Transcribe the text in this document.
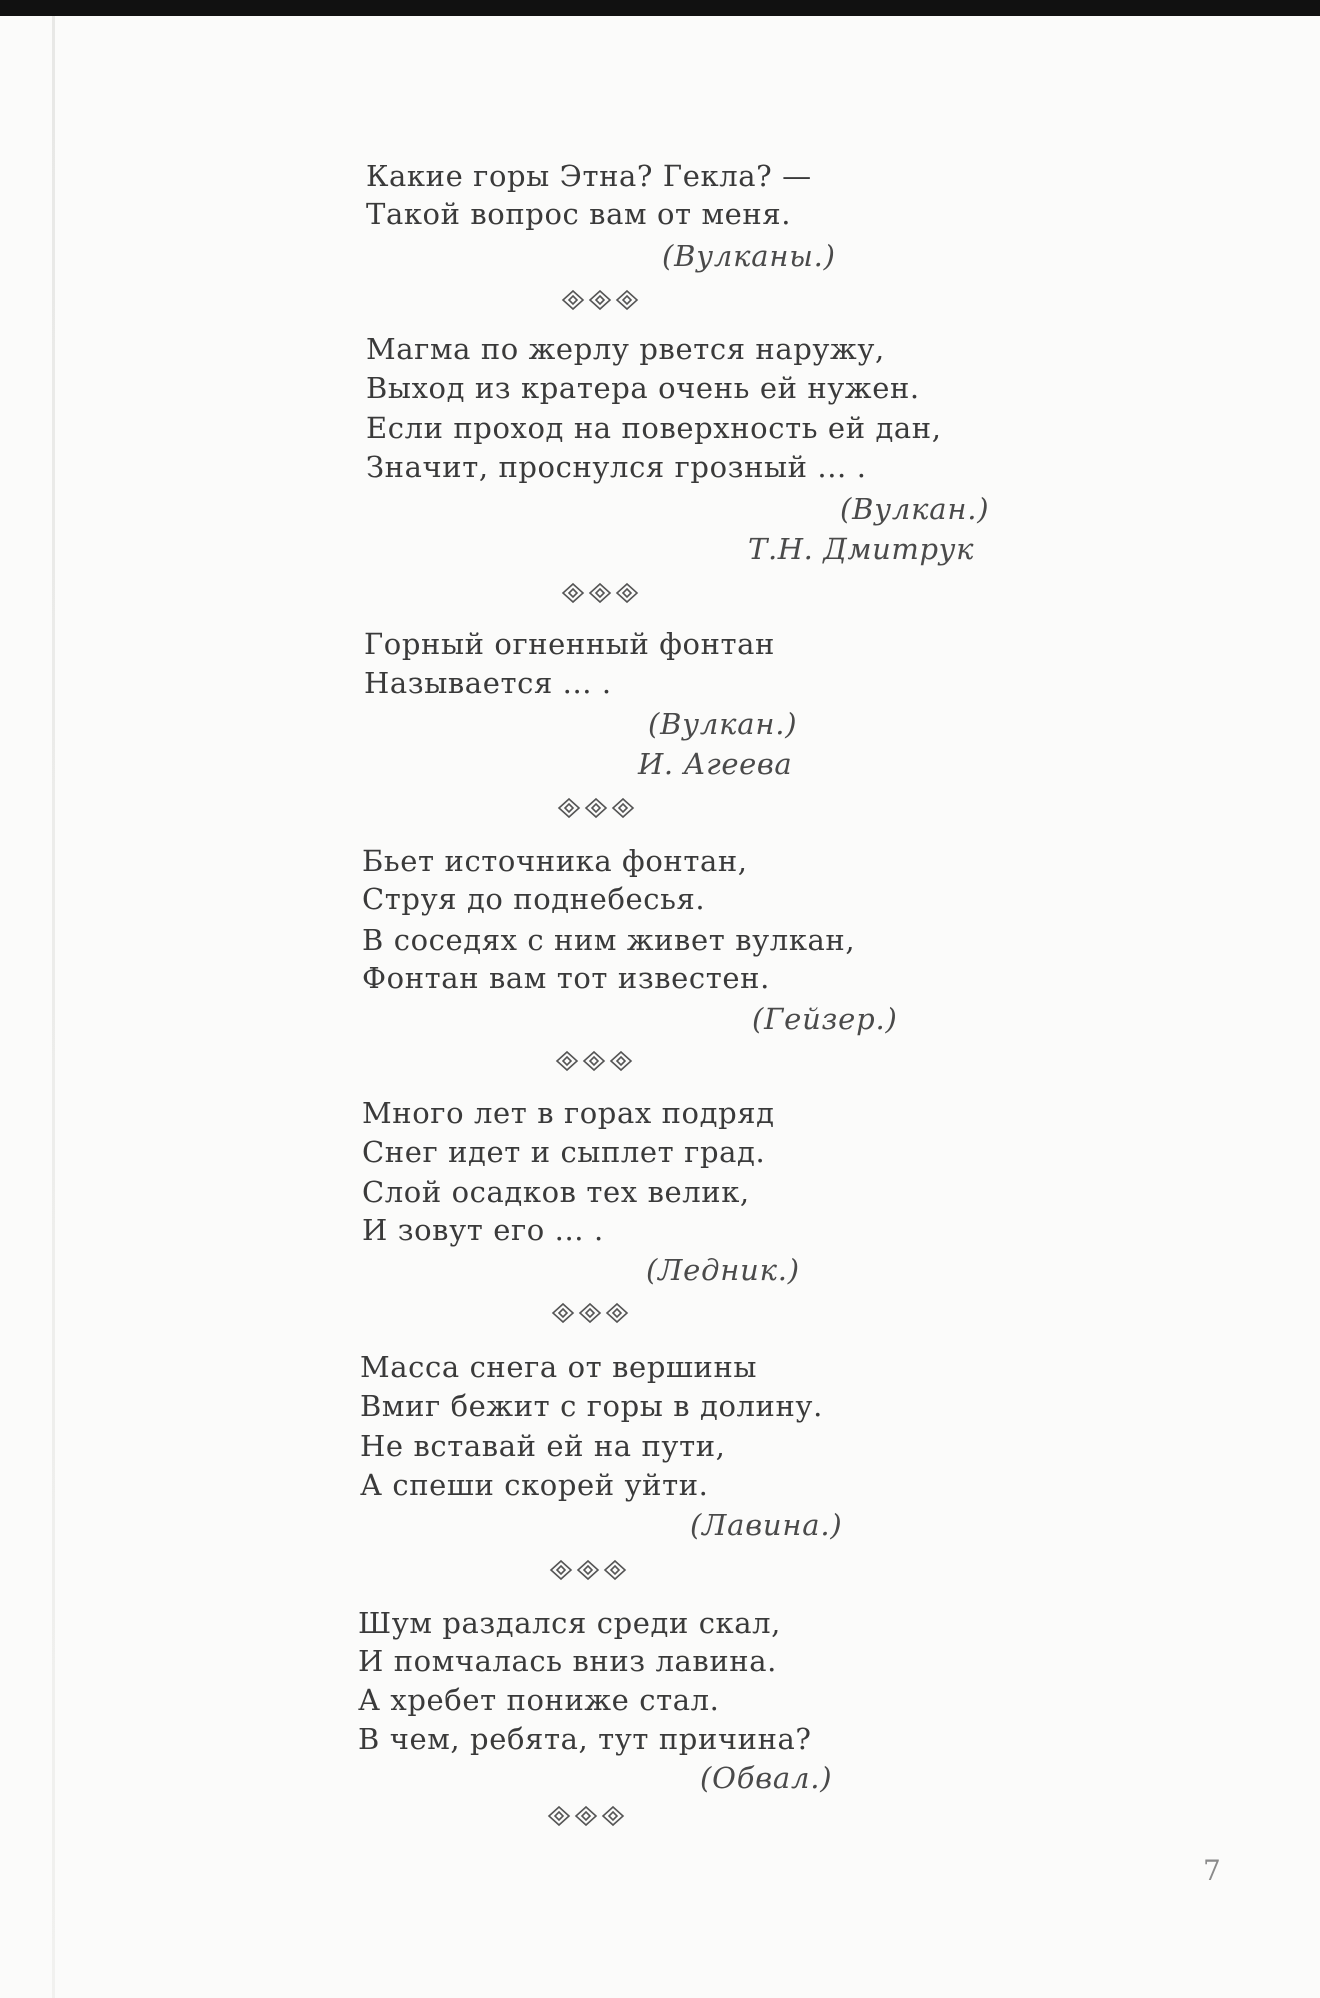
Какие горы Этна? Гекла? —
Такой вопрос вам от меня.
(Вулканы.)
Магма по жерлу рвется наружу,
Выход из кратера очень ей нужен.
Если проход на поверхность ей дан,
Значит, проснулся грозный ... .
(Вулкан.)
Т.Н. Дмитрук
Горный огненный фонтан
Называется ... .
(Вулкан.)
И. Агеева
Бьет источника фонтан,
Струя до поднебесья.
В соседях с ним живет вулкан,
Фонтан вам тот известен.
(Гейзер.)
Много лет в горах подряд
Снег идет и сыплет град.
Слой осадков тех велик,
И зовут его ... .
(Ледник.)
Масса снега от вершины
Вмиг бежит с горы в долину.
Не вставай ей на пути,
А спеши скорей уйти.
(Лавина.)
Шум раздался среди скал,
И помчалась вниз лавина.
А хребет пониже стал.
В чем, ребята, тут причина?
(Обвал.)
7
